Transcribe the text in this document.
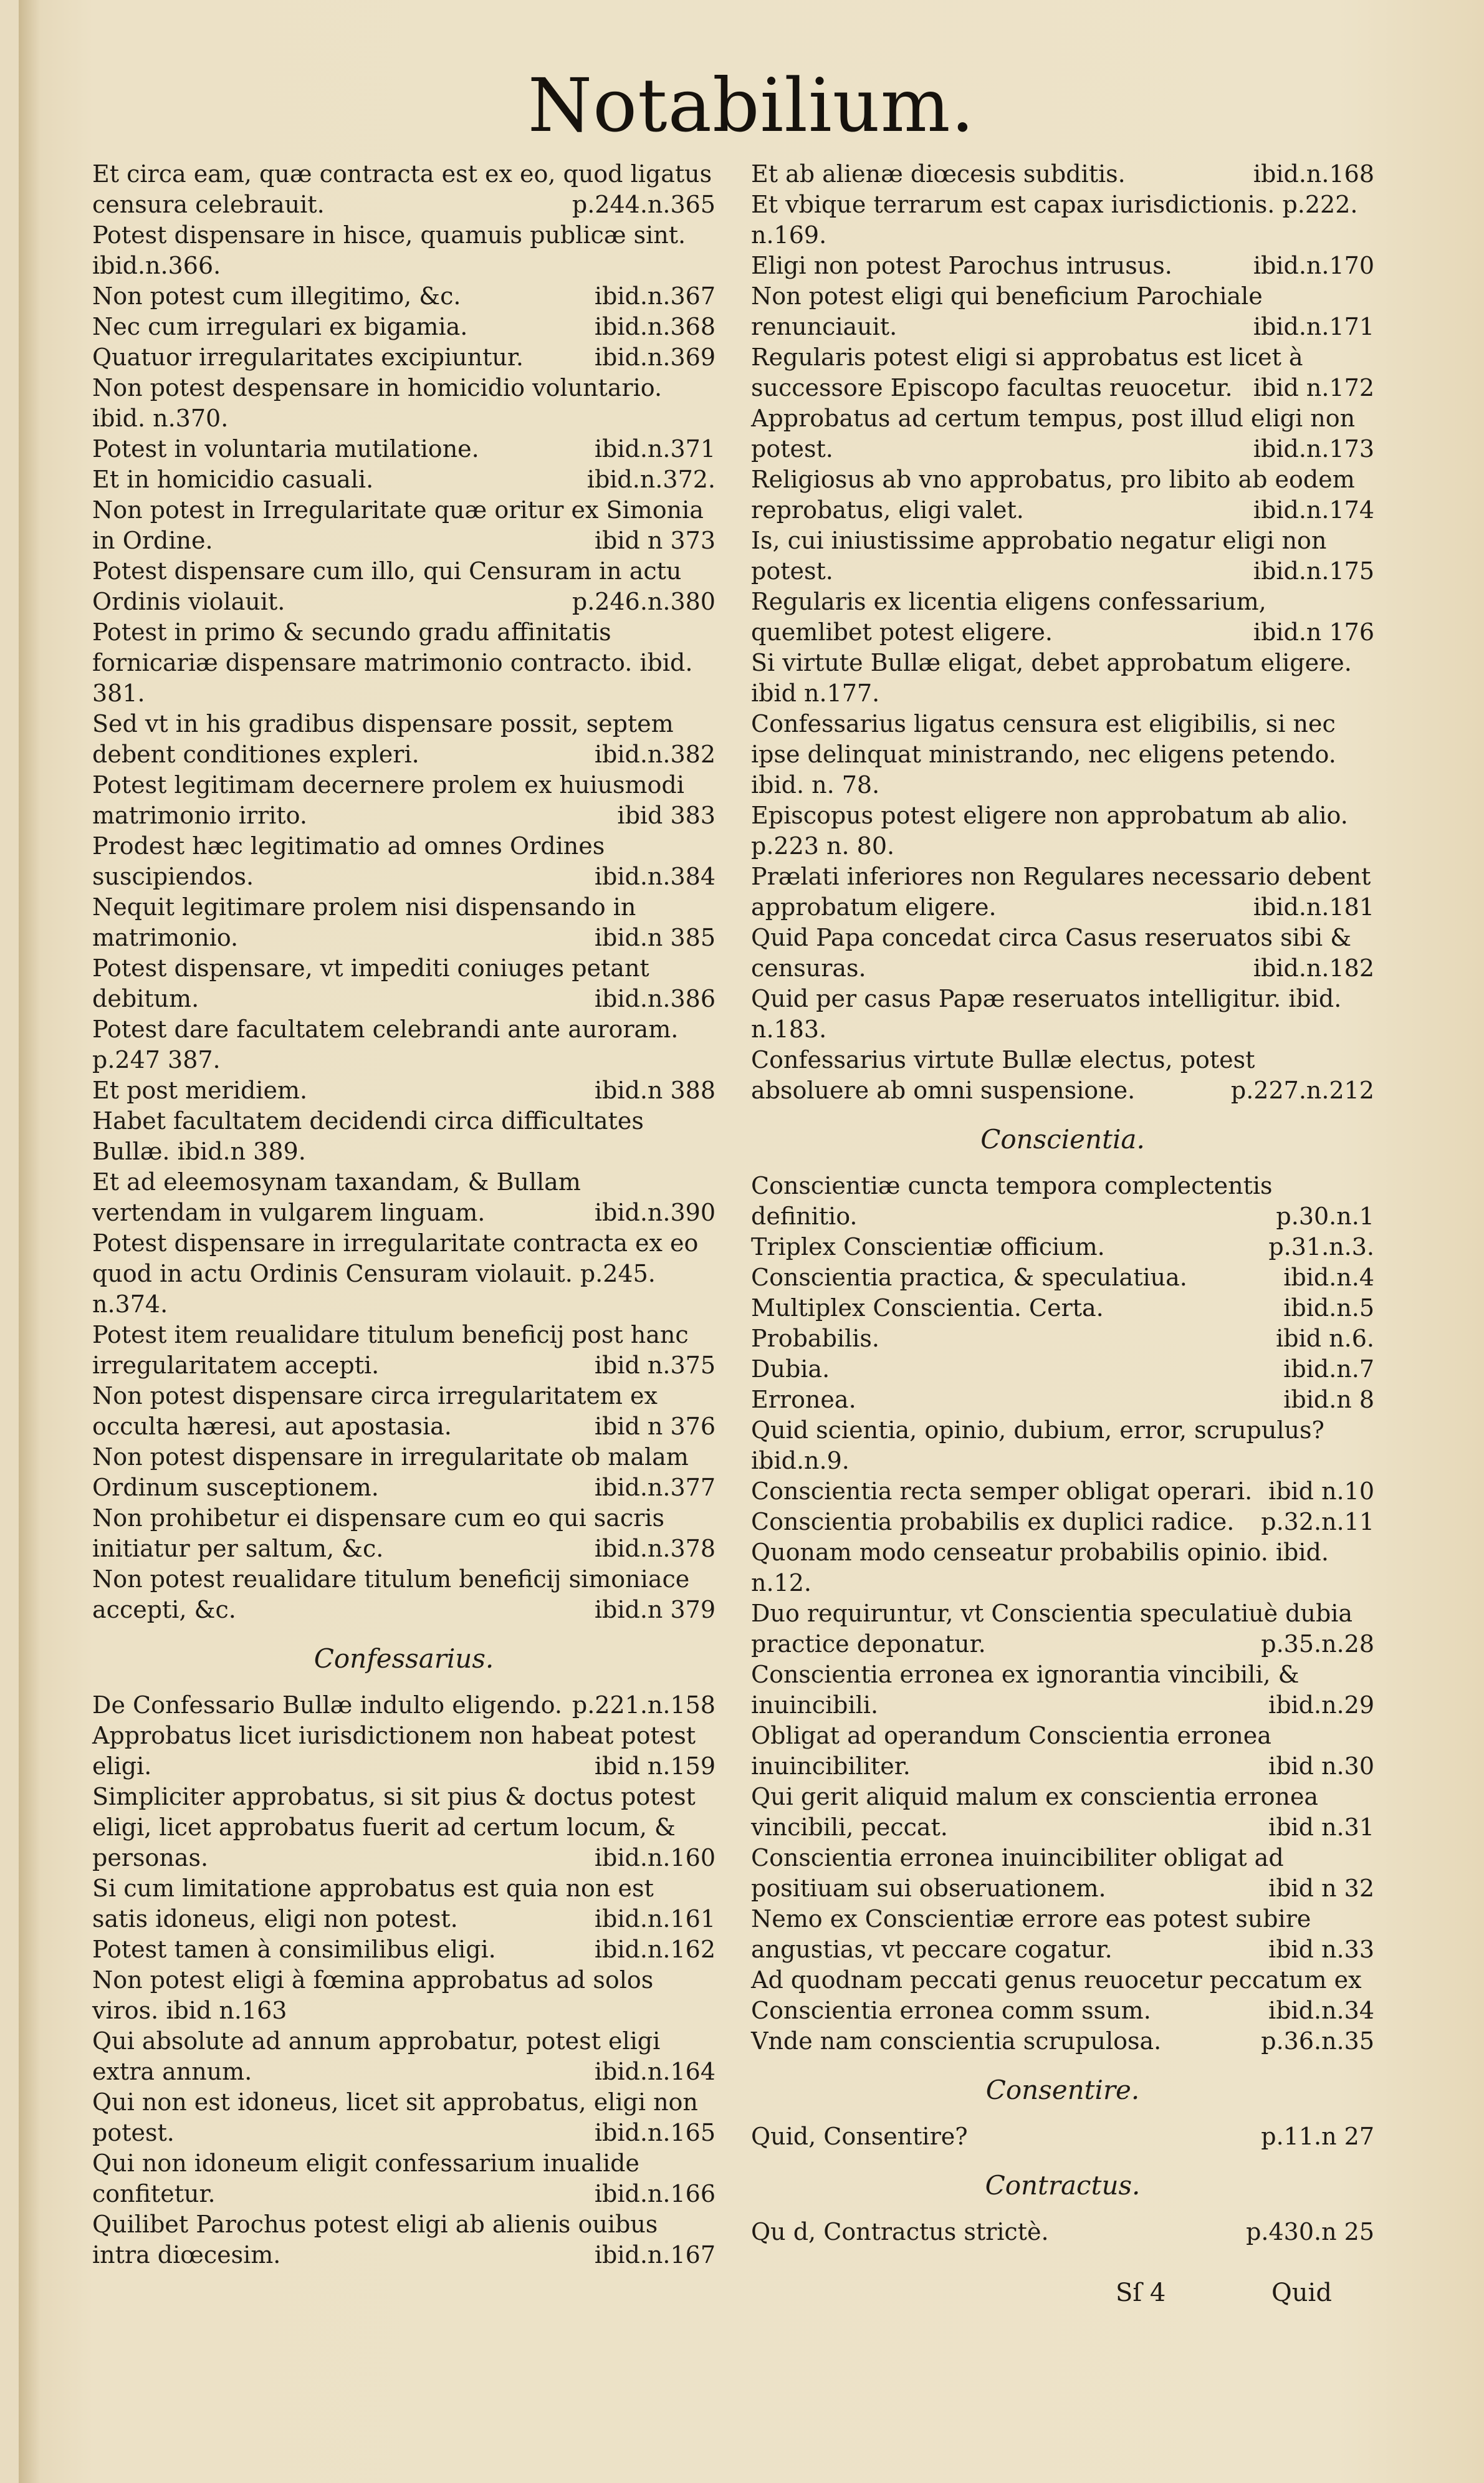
Notabilium.
Et circa eam, quæ contracta est ex eo, quod ligatus censura celebrauit.	p.244.n.365
Potest dispensare in hisce, quamuis publicæ sint. ibid.n.366.
Non potest cum illegitimo, &c.	ibid.n.367
Nec cum irregulari ex bigamia.	ibid.n.368
Quatuor irregularitates excipiuntur.	ibid.n.369
Non potest despensare in homicidio voluntario. ibid. n.370.
Potest in voluntaria mutilatione.	ibid.n.371
Et in homicidio casuali.	ibid.n.372.
Non potest in Irregularitate quæ oritur ex Simonia in Ordine.	ibid n 373
Potest dispensare cum illo, qui Censuram in actu Ordinis violauit.	p.246.n.380
Potest in primo & secundo gradu affinitatis fornicariæ dispensare matrimonio contracto. ibid. 381.
Sed vt in his gradibus dispensare possit, septem debent conditiones expleri.	ibid.n.382
Potest legitimam decernere prolem ex huiusmodi matrimonio irrito.	ibid 383
Prodest hæc legitimatio ad omnes Ordines suscipiendos.	ibid.n.384
Nequit legitimare prolem nisi dispensando in matrimonio.	ibid.n 385
Potest dispensare, vt impediti coniuges petant debitum.	ibid.n.386
Potest dare facultatem celebrandi ante auroram. p.247 387.
Et post meridiem.	ibid.n 388
Habet facultatem decidendi circa difficultates Bullæ. ibid.n 389.
Et ad eleemosynam taxandam, & Bullam vertendam in vulgarem linguam.	ibid.n.390
Potest dispensare in irregularitate contracta ex eo quod in actu Ordinis Censuram violauit. p.245. n.374.
Potest item reualidare titulum beneficij post hanc irregularitatem accepti.	ibid n.375
Non potest dispensare circa irregularitatem ex occulta hæresi, aut apostasia.	ibid n 376
Non potest dispensare in irregularitate ob malam Ordinum susceptionem.	ibid.n.377
Non prohibetur ei dispensare cum eo qui sacris initiatur per saltum, &c.	ibid.n.378
Non potest reualidare titulum beneficij simoniace accepti, &c.	ibid.n 379
Confessarius.
De Confessario Bullæ indulto eligendo. p.221.n.158
Approbatus licet iurisdictionem non habeat potest eligi.	ibid n.159
Simpliciter approbatus, si sit pius & doctus potest eligi, licet approbatus fuerit ad certum locum, & personas.	ibid.n.160
Si cum limitatione approbatus est quia non est satis idoneus, eligi non potest.	ibid.n.161
Potest tamen à consimilibus eligi.	ibid.n.162
Non potest eligi à fœmina approbatus ad solos viros. ibid n.163
Qui absolute ad annum approbatur, potest eligi extra annum.	ibid.n.164
Qui non est idoneus, licet sit approbatus, eligi non potest.	ibid.n.165
Qui non idoneum eligit confessarium inualide confitetur.	ibid.n.166
Quilibet Parochus potest eligi ab alienis ouibus intra diœcesim.	ibid.n.167
Et ab alienæ diœcesis subditis.	ibid.n.168
Et vbique terrarum est capax iurisdictionis. p.222. n.169.
Eligi non potest Parochus intrusus.	ibid.n.170
Non potest eligi qui beneficium Parochiale renunciauit.	ibid.n.171
Regularis potest eligi si approbatus est licet à successore Episcopo facultas reuocetur. ibid n.172
Approbatus ad certum tempus, post illud eligi non potest.	ibid.n.173
Religiosus ab vno approbatus, pro libito ab eodem reprobatus, eligi valet.	ibid.n.174
Is, cui iniustissime approbatio negatur eligi non potest.	ibid.n.175
Regularis ex licentia eligens confessarium, quemlibet potest eligere.	ibid.n 176
Si virtute Bullæ eligat, debet approbatum eligere. ibid n.177.
Confessarius ligatus censura est eligibilis, si nec ipse delinquat ministrando, nec eligens petendo. ibid. n. 78.
Episcopus potest eligere non approbatum ab alio. p.223 n. 80.
Prælati inferiores non Regulares necessario debent approbatum eligere.	ibid.n.181
Quid Papa concedat circa Casus reseruatos sibi & censuras.	ibid.n.182
Quid per casus Papæ reseruatos intelligitur. ibid. n.183.
Confessarius virtute Bullæ electus, potest absoluere ab omni suspensione.	p.227.n.212
Conscientia.
Conscientiæ cuncta tempora complectentis definitio.	p.30.n.1
Triplex Conscientiæ officium.	p.31.n.3.
Conscientia practica, & speculatiua.	ibid.n.4
Multiplex Conscientia. Certa.	ibid.n.5
Probabilis.	ibid n.6.
Dubia.	ibid.n.7
Erronea.	ibid.n 8
Quid scientia, opinio, dubium, error, scrupulus? ibid.n.9.
Conscientia recta semper obligat operari. ibid n.10
Conscientia probabilis ex duplici radice.	p.32.n.11
Quonam modo censeatur probabilis opinio. ibid. n.12.
Duo requiruntur, vt Conscientia speculatiuè dubia practice deponatur.	p.35.n.28
Conscientia erronea ex ignorantia vincibili, & inuincibili.	ibid.n.29
Obligat ad operandum Conscientia erronea inuincibiliter.	ibid n.30
Qui gerit aliquid malum ex conscientia erronea vincibili, peccat.	ibid n.31
Conscientia erronea inuincibiliter obligat ad positiuam sui obseruationem.	ibid n 32
Nemo ex Conscientiæ errore eas potest subire angustias, vt peccare cogatur.	ibid n.33
Ad quodnam peccati genus reuocetur peccatum ex Conscientia erronea comm ssum.	ibid.n.34
Vnde nam conscientia scrupulosa.	p.36.n.35
Consentire.
Quid, Consentire?	p.11.n 27
Contractus.
Qu d, Contractus strictè.	p.430.n 25
Sſ 4	Quid
